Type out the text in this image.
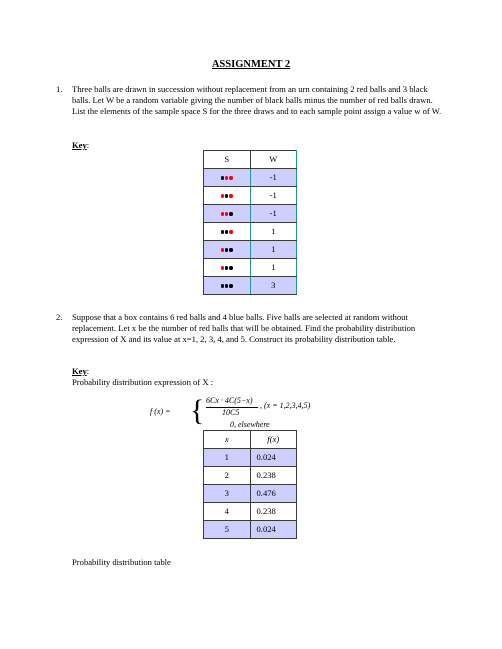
ASSIGNMENT 2
1. Three balls are drawn in succession without replacement from an urn containing 2 red balls and 3 black balls. Let W be a random variable giving the number of black balls minus the number of red balls drawn. List the elements of the sample space S for the three draws and to each sample point assign a value w of W.
Key:
S	W
	-1
	-1
	-1
	1
	1
	1
	3
2. Suppose that a box contains 6 red balls and 4 blue balls. Five balls are selected at random without replacement. Let x be the number of red balls that will be obtained. Find the probability distribution expression of X and its value at x=1, 2, 3, 4, and 5. Construct its probability distribution table.
Key:
Probability distribution expression of X :
f (x) = { 6Cx · 4C(5−x)
10C5
, (x = 1,2,3,4,5)
0, elsewhere
x	f(x)
1	0.024
2	0.238
3	0.476
4	0.238
5	0.024
Probability distribution table
